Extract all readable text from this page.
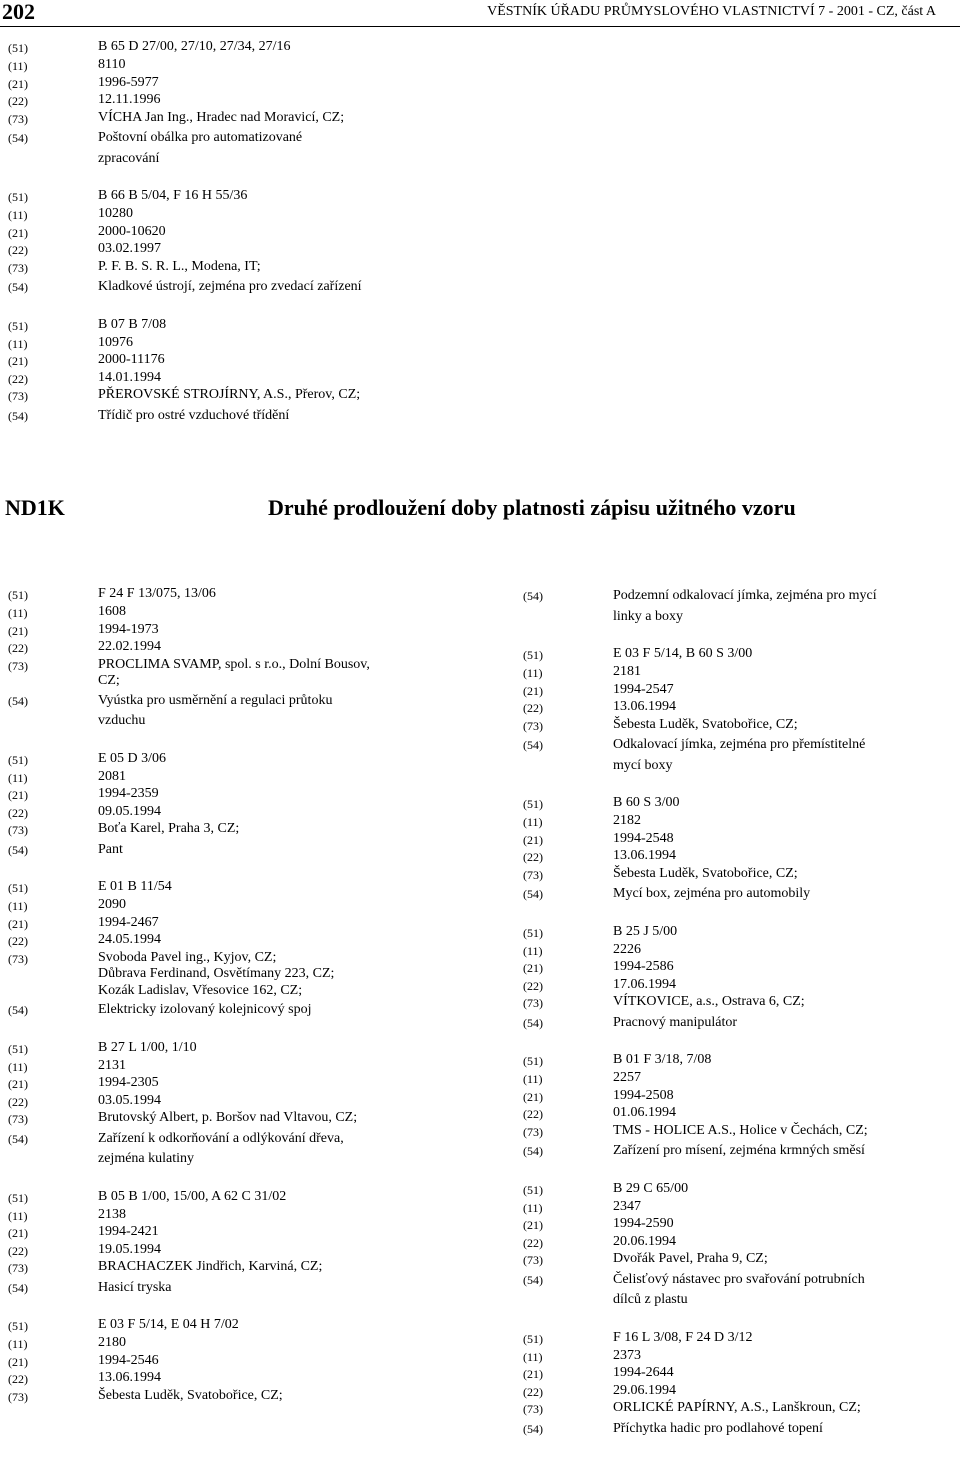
202	VĚSTNÍK ÚŘADU PRŮMYSLOVÉHO VLASTNICTVÍ 7 - 2001 - CZ, část A
(51)	B 65 D 27/00, 27/10, 27/34, 27/16
(11)	8110
(21)	1996-5977
(22)	12.11.1996
(73)	VÍCHA Jan Ing., Hradec nad Moravicí, CZ;
(54)	Poštovní obálka pro automatizované
zpracování
(51)	B 66 B 5/04, F 16 H 55/36
(11)	10280
(21)	2000-10620
(22)	03.02.1997
(73)	P. F. B. S. R. L., Modena, IT;
(54)	Kladkové ústrojí, zejména pro zvedací zařízení
(51)	B 07 B 7/08
(11)	10976
(21)	2000-11176
(22)	14.01.1994
(73)	PŘEROVSKÉ STROJÍRNY, A.S., Přerov, CZ;
(54)	Třídič pro ostré vzduchové třídění
ND1K	Druhé prodloužení doby platnosti zápisu užitného vzoru
(51)	F 24 F 13/075, 13/06
(11)	1608
(21)	1994-1973
(22)	22.02.1994
(73)	PROCLIMA SVAMP, spol. s r.o., Dolní Bousov,
CZ;
(54)	Vyústka pro usměrnění a regulaci průtoku
vzduchu
(51)	E 05 D 3/06
(11)	2081
(21)	1994-2359
(22)	09.05.1994
(73)	Boťa Karel, Praha 3, CZ;
(54)	Pant
(51)	E 01 B 11/54
(11)	2090
(21)	1994-2467
(22)	24.05.1994
(73)	Svoboda Pavel ing., Kyjov, CZ;
Důbrava Ferdinand, Osvětímany 223, CZ;
Kozák Ladislav, Vřesovice 162, CZ;
(54)	Elektricky izolovaný kolejnicový spoj
(51)	B 27 L 1/00, 1/10
(11)	2131
(21)	1994-2305
(22)	03.05.1994
(73)	Brutovský Albert, p. Boršov nad Vltavou, CZ;
(54)	Zařízení k odkorňování a odlýkování dřeva,
zejména kulatiny
(51)	B 05 B 1/00, 15/00, A 62 C 31/02
(11)	2138
(21)	1994-2421
(22)	19.05.1994
(73)	BRACHACZEK Jindřich, Karviná, CZ;
(54)	Hasicí tryska
(51)	E 03 F 5/14, E 04 H 7/02
(11)	2180
(21)	1994-2546
(22)	13.06.1994
(73)	Šebesta Luděk, Svatobořice, CZ;
(54)	Podzemní odkalovací jímka, zejména pro mycí
linky a boxy
(51)	E 03 F 5/14, B 60 S 3/00
(11)	2181
(21)	1994-2547
(22)	13.06.1994
(73)	Šebesta Luděk, Svatobořice, CZ;
(54)	Odkalovací jímka, zejména pro přemístitelné
mycí boxy
(51)	B 60 S 3/00
(11)	2182
(21)	1994-2548
(22)	13.06.1994
(73)	Šebesta Luděk, Svatobořice, CZ;
(54)	Mycí box, zejména pro automobily
(51)	B 25 J 5/00
(11)	2226
(21)	1994-2586
(22)	17.06.1994
(73)	VÍTKOVICE, a.s., Ostrava 6, CZ;
(54)	Pracnový manipulátor
(51)	B 01 F 3/18, 7/08
(11)	2257
(21)	1994-2508
(22)	01.06.1994
(73)	TMS - HOLICE A.S., Holice v Čechách, CZ;
(54)	Zařízení pro mísení, zejména krmných směsí
(51)	B 29 C 65/00
(11)	2347
(21)	1994-2590
(22)	20.06.1994
(73)	Dvořák Pavel, Praha 9, CZ;
(54)	Čelisťový nástavec pro svařování potrubních
dílců z plastu
(51)	F 16 L 3/08, F 24 D 3/12
(11)	2373
(21)	1994-2644
(22)	29.06.1994
(73)	ORLICKÉ PAPÍRNY, A.S., Lanškroun, CZ;
(54)	Příchytka hadic pro podlahové topení
